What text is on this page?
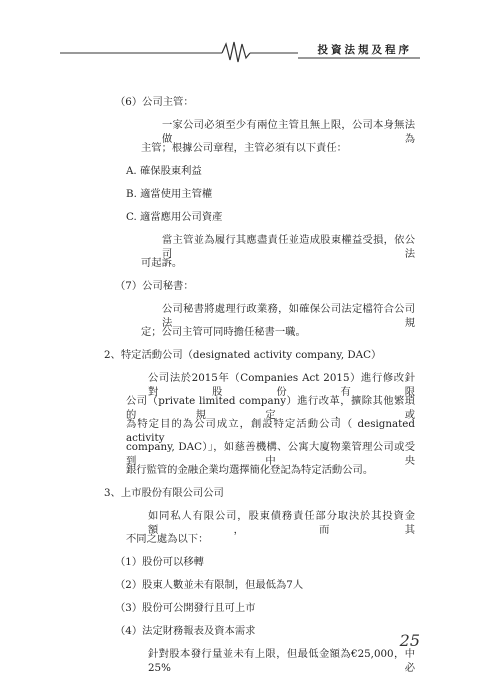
投資法規及程序
（6）公司主管：
一家公司必須至少有兩位主管且無上限，公司本身無法做為
主管；根據公司章程，主管必須有以下責任：
A. 確保股東利益
B. 適當使用主管權
C. 適當應用公司資產
當主管並為履行其應盡責任並造成股東權益受損，依公司法
可起訴。
（7）公司秘書：
公司秘書將處理行政業務，如確保公司法定檔符合公司法規
定；公司主管可同時擔任秘書一職。
2、特定活動公司（designated activity company, DAC）
公司法於2015年（Companies Act 2015）進行修改針對股份有限
公司（private limited company）進行改革，擴除其他繁瑣的規定，或
為特定目的為公司成立，創設特定活動公司（ designated activity
company, DAC）」，如慈善機構、公寓大廈物業管理公司或受到中央
銀行監管的金融企業均選擇簡化登記為特定活動公司。
3、上市股份有限公司公司
如同私人有限公司，股東債務責任部分取決於其投資金額，而其
不同之處為以下：
（1）股份可以移轉
（2）股東人數並未有限制，但最低為7人
（3）股份可公開發行且可上市
（4）法定財務報表及資本需求
針對股本發行量並未有上限，但最低金額為€25,000，中25%必
25
